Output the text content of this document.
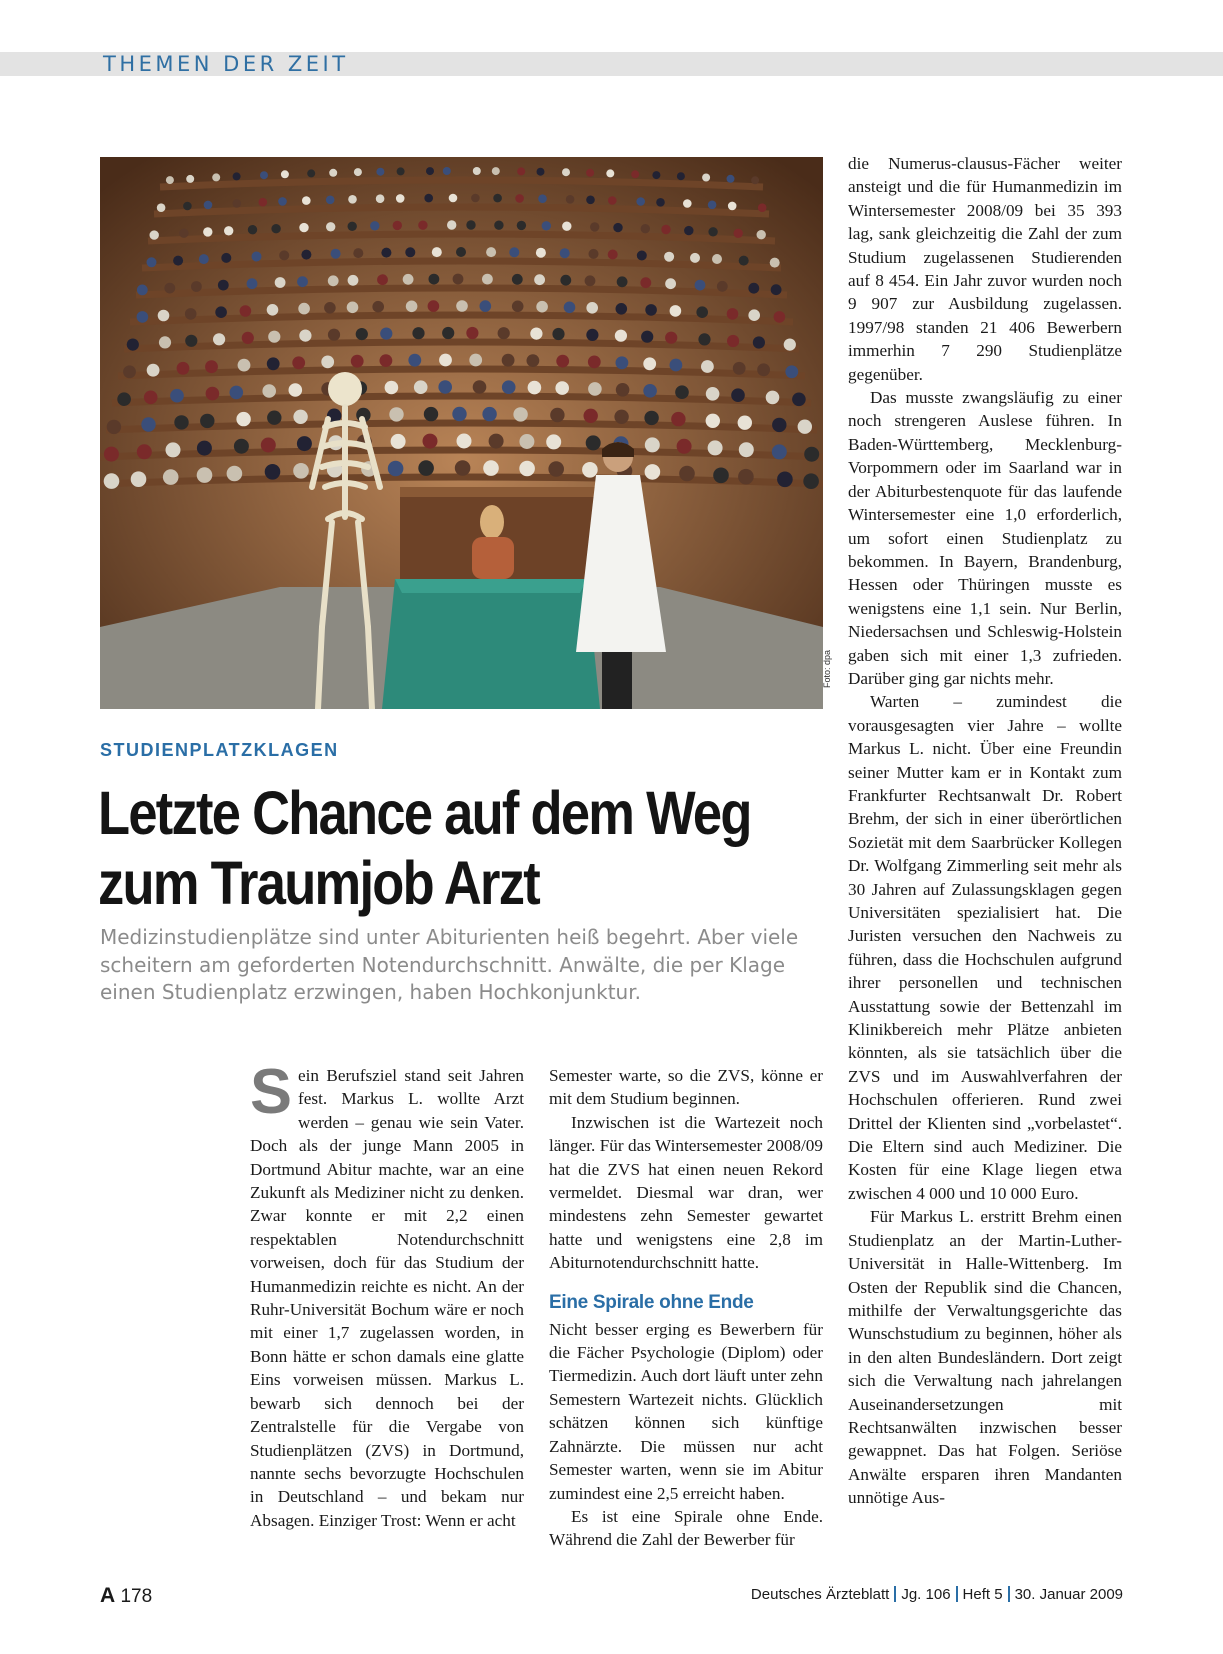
THEMEN DER ZEIT
Foto: dpa
STUDIENPLATZKLAGEN
Letzte Chance auf dem Weg
zum Traumjob Arzt

Medizinstudienplätze sind unter Abiturienten heiß begehrt. Aber viele scheitern am geforderten Notendurchschnitt. Anwälte, die per Klage einen Studienplatz erzwingen, haben Hochkonjunktur.

Sein Berufsziel stand seit Jahren fest. Markus L. wollte Arzt werden – genau wie sein Vater. Doch als der junge Mann 2005 in Dortmund Abitur machte, war an eine Zukunft als Mediziner nicht zu denken. Zwar konnte er mit 2,2 einen respektablen Notendurchschnitt vorweisen, doch für das Studium der Humanmedizin reichte es nicht. An der Ruhr-Universität Bochum wäre er noch mit einer 1,7 zugelassen worden, in Bonn hätte er schon damals eine glatte Eins vorweisen müssen. Markus L. bewarb sich dennoch bei der Zentralstelle für die Vergabe von Studienplätzen (ZVS) in Dortmund, nannte sechs bevorzugte Hochschulen in Deutschland – und bekam nur Absagen. Einziger Trost: Wenn er acht

Semester warte, so die ZVS, könne er mit dem Studium beginnen.

Inzwischen ist die Wartezeit noch länger. Für das Wintersemester 2008/09 hat die ZVS hat einen neuen Rekord vermeldet. Diesmal war dran, wer mindestens zehn Semester gewartet hatte und wenigstens eine 2,8 im Abiturnotendurchschnitt hatte.

Eine Spirale ohne Ende

Nicht besser erging es Bewerbern für die Fächer Psychologie (Diplom) oder Tiermedizin. Auch dort läuft unter zehn Semestern Wartezeit nichts. Glücklich schätzen können sich künftige Zahnärzte. Die müssen nur acht Semester warten, wenn sie im Abitur zumindest eine 2,5 erreicht haben.

Es ist eine Spirale ohne Ende. Während die Zahl der Bewerber für

die Numerus-clausus-Fächer weiter ansteigt und die für Humanmedizin im Wintersemester 2008/09 bei 35 393 lag, sank gleichzeitig die Zahl der zum Studium zugelassenen Studierenden auf 8 454. Ein Jahr zuvor wurden noch 9 907 zur Ausbildung zugelassen. 1997/98 standen 21 406 Bewerbern immerhin 7 290 Studienplätze gegenüber.

Das musste zwangsläufig zu einer noch strengeren Auslese führen. In Baden-Württemberg, Mecklenburg-Vorpommern oder im Saarland war in der Abiturbestenquote für das laufende Wintersemester eine 1,0 erforderlich, um sofort einen Studienplatz zu bekommen. In Bayern, Brandenburg, Hessen oder Thüringen musste es wenigstens eine 1,1 sein. Nur Berlin, Niedersachsen und Schleswig-Holstein gaben sich mit einer 1,3 zufrieden. Darüber ging gar nichts mehr.

Warten – zumindest die vorausgesagten vier Jahre – wollte Markus L. nicht. Über eine Freundin seiner Mutter kam er in Kontakt zum Frankfurter Rechtsanwalt Dr. Robert Brehm, der sich in einer überörtlichen Sozietät mit dem Saarbrücker Kollegen Dr. Wolfgang Zimmerling seit mehr als 30 Jahren auf Zulassungsklagen gegen Universitäten spezialisiert hat. Die Juristen versuchen den Nachweis zu führen, dass die Hochschulen aufgrund ihrer personellen und technischen Ausstattung sowie der Bettenzahl im Klinikbereich mehr Plätze anbieten könnten, als sie tatsächlich über die ZVS und im Auswahlverfahren der Hochschulen offerieren. Rund zwei Drittel der Klienten sind „vorbelastet“. Die Eltern sind auch Mediziner. Die Kosten für eine Klage liegen etwa zwischen 4 000 und 10 000 Euro.

Für Markus L. erstritt Brehm einen Studienplatz an der Martin-Luther-Universität in Halle-Wittenberg. Im Osten der Republik sind die Chancen, mithilfe der Verwaltungsgerichte das Wunschstudium zu beginnen, höher als in den alten Bundesländern. Dort zeigt sich die Verwaltung nach jahrelangen Auseinandersetzungen mit Rechtsanwälten inzwischen besser gewappnet. Das hat Folgen. Seriöse Anwälte ersparen ihren Mandanten unnötige Aus-

A 178	Deutsches Ärzteblatt Jg. 106 Heft 5 30. Januar 2009
